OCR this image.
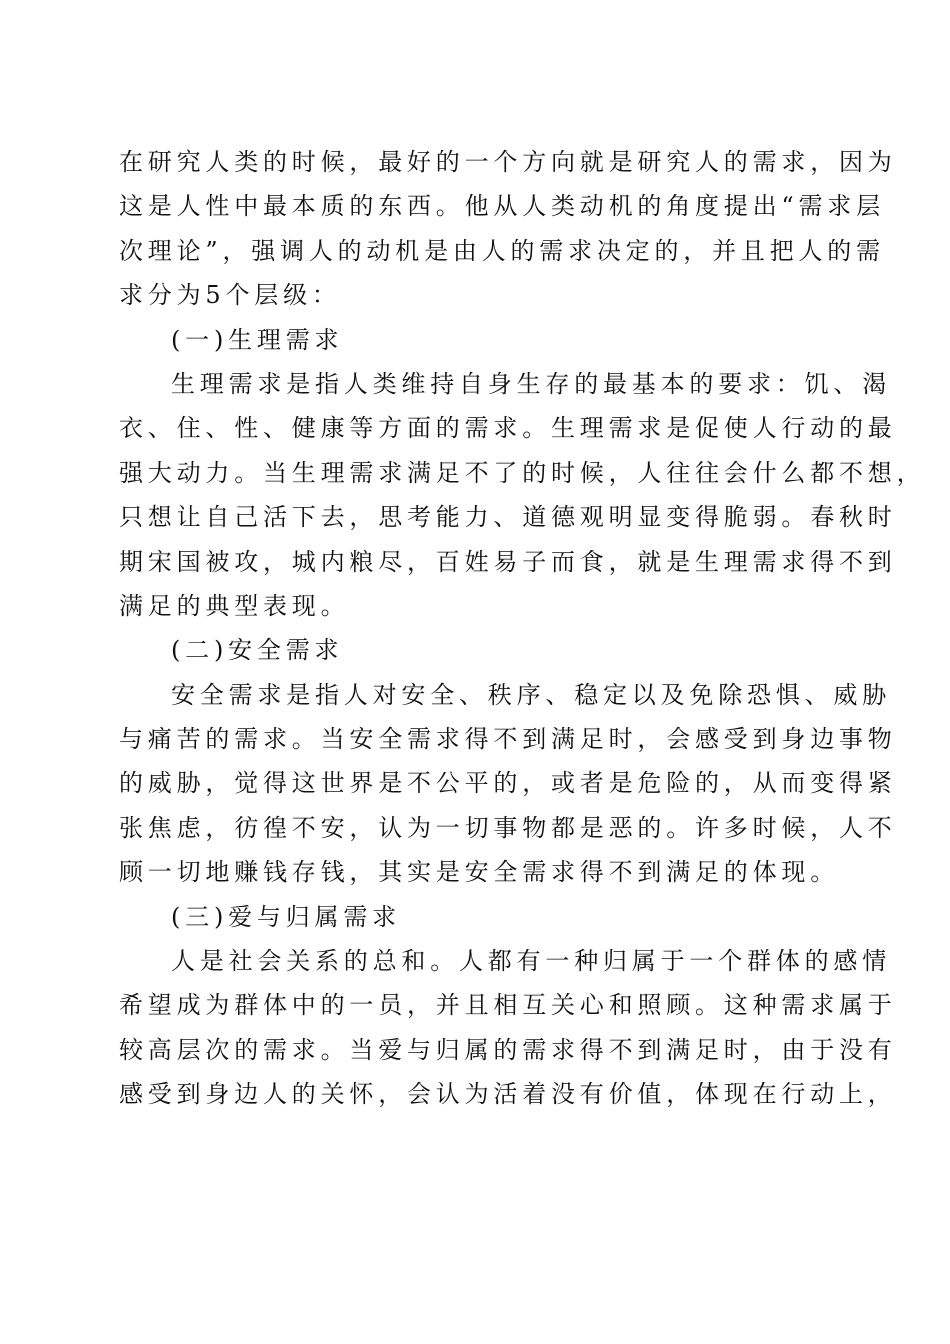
在研究人类的时候，最好的一个方向就是研究人的需求，因为
这是人性中最本质的东西。他从人类动机的角度提出“需求层
次理论”，强调人的动机是由人的需求决定的，并且把人的需
求分为5个层级：
(一)生理需求
生理需求是指人类维持自身生存的最基本的要求：饥、渴
衣、住、性、健康等方面的需求。生理需求是促使人行动的最
强大动力。当生理需求满足不了的时候，人往往会什么都不想，
只想让自己活下去，思考能力、道德观明显变得脆弱。春秋时
期宋国被攻，城内粮尽，百姓易子而食，就是生理需求得不到
满足的典型表现。
(二)安全需求
安全需求是指人对安全、秩序、稳定以及免除恐惧、威胁
与痛苦的需求。当安全需求得不到满足时，会感受到身边事物
的威胁，觉得这世界是不公平的，或者是危险的，从而变得紧
张焦虑，彷徨不安，认为一切事物都是恶的。许多时候，人不
顾一切地赚钱存钱，其实是安全需求得不到满足的体现。
(三)爱与归属需求
人是社会关系的总和。人都有一种归属于一个群体的感情
希望成为群体中的一员，并且相互关心和照顾。这种需求属于
较高层次的需求。当爱与归属的需求得不到满足时，由于没有
感受到身边人的关怀，会认为活着没有价值，体现在行动上，
